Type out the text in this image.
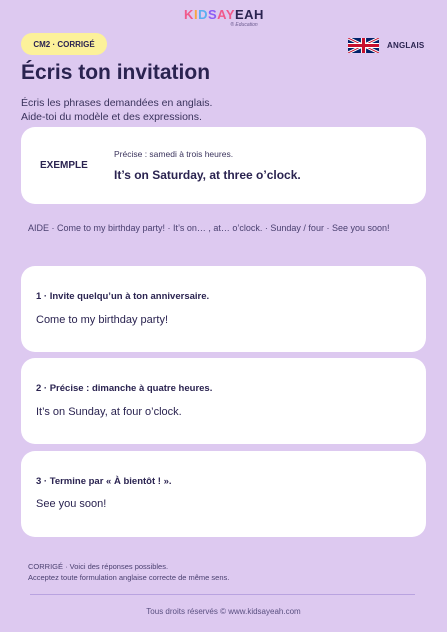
KIDSAYEAH
® Education
CM2 · CORRIGÉ	ANGLAIS
Écris ton invitation
Écris les phrases demandées en anglais.
Aide-toi du modèle et des expressions.
EXEMPLE
Précise : samedi à trois heures.
It’s on Saturday, at three o’clock.
AIDE · Come to my birthday party! · It’s on… , at… o’clock. · Sunday / four · See you soon!
1 · Invite quelqu’un à ton anniversaire.
Come to my birthday party!
2 · Précise : dimanche à quatre heures.
It’s on Sunday, at four o’clock.
3 · Termine par « À bientôt ! ».
See you soon!
CORRIGÉ · Voici des réponses possibles.
Acceptez toute formulation anglaise correcte de même sens.
Tous droits réservés © www.kidsayeah.com
